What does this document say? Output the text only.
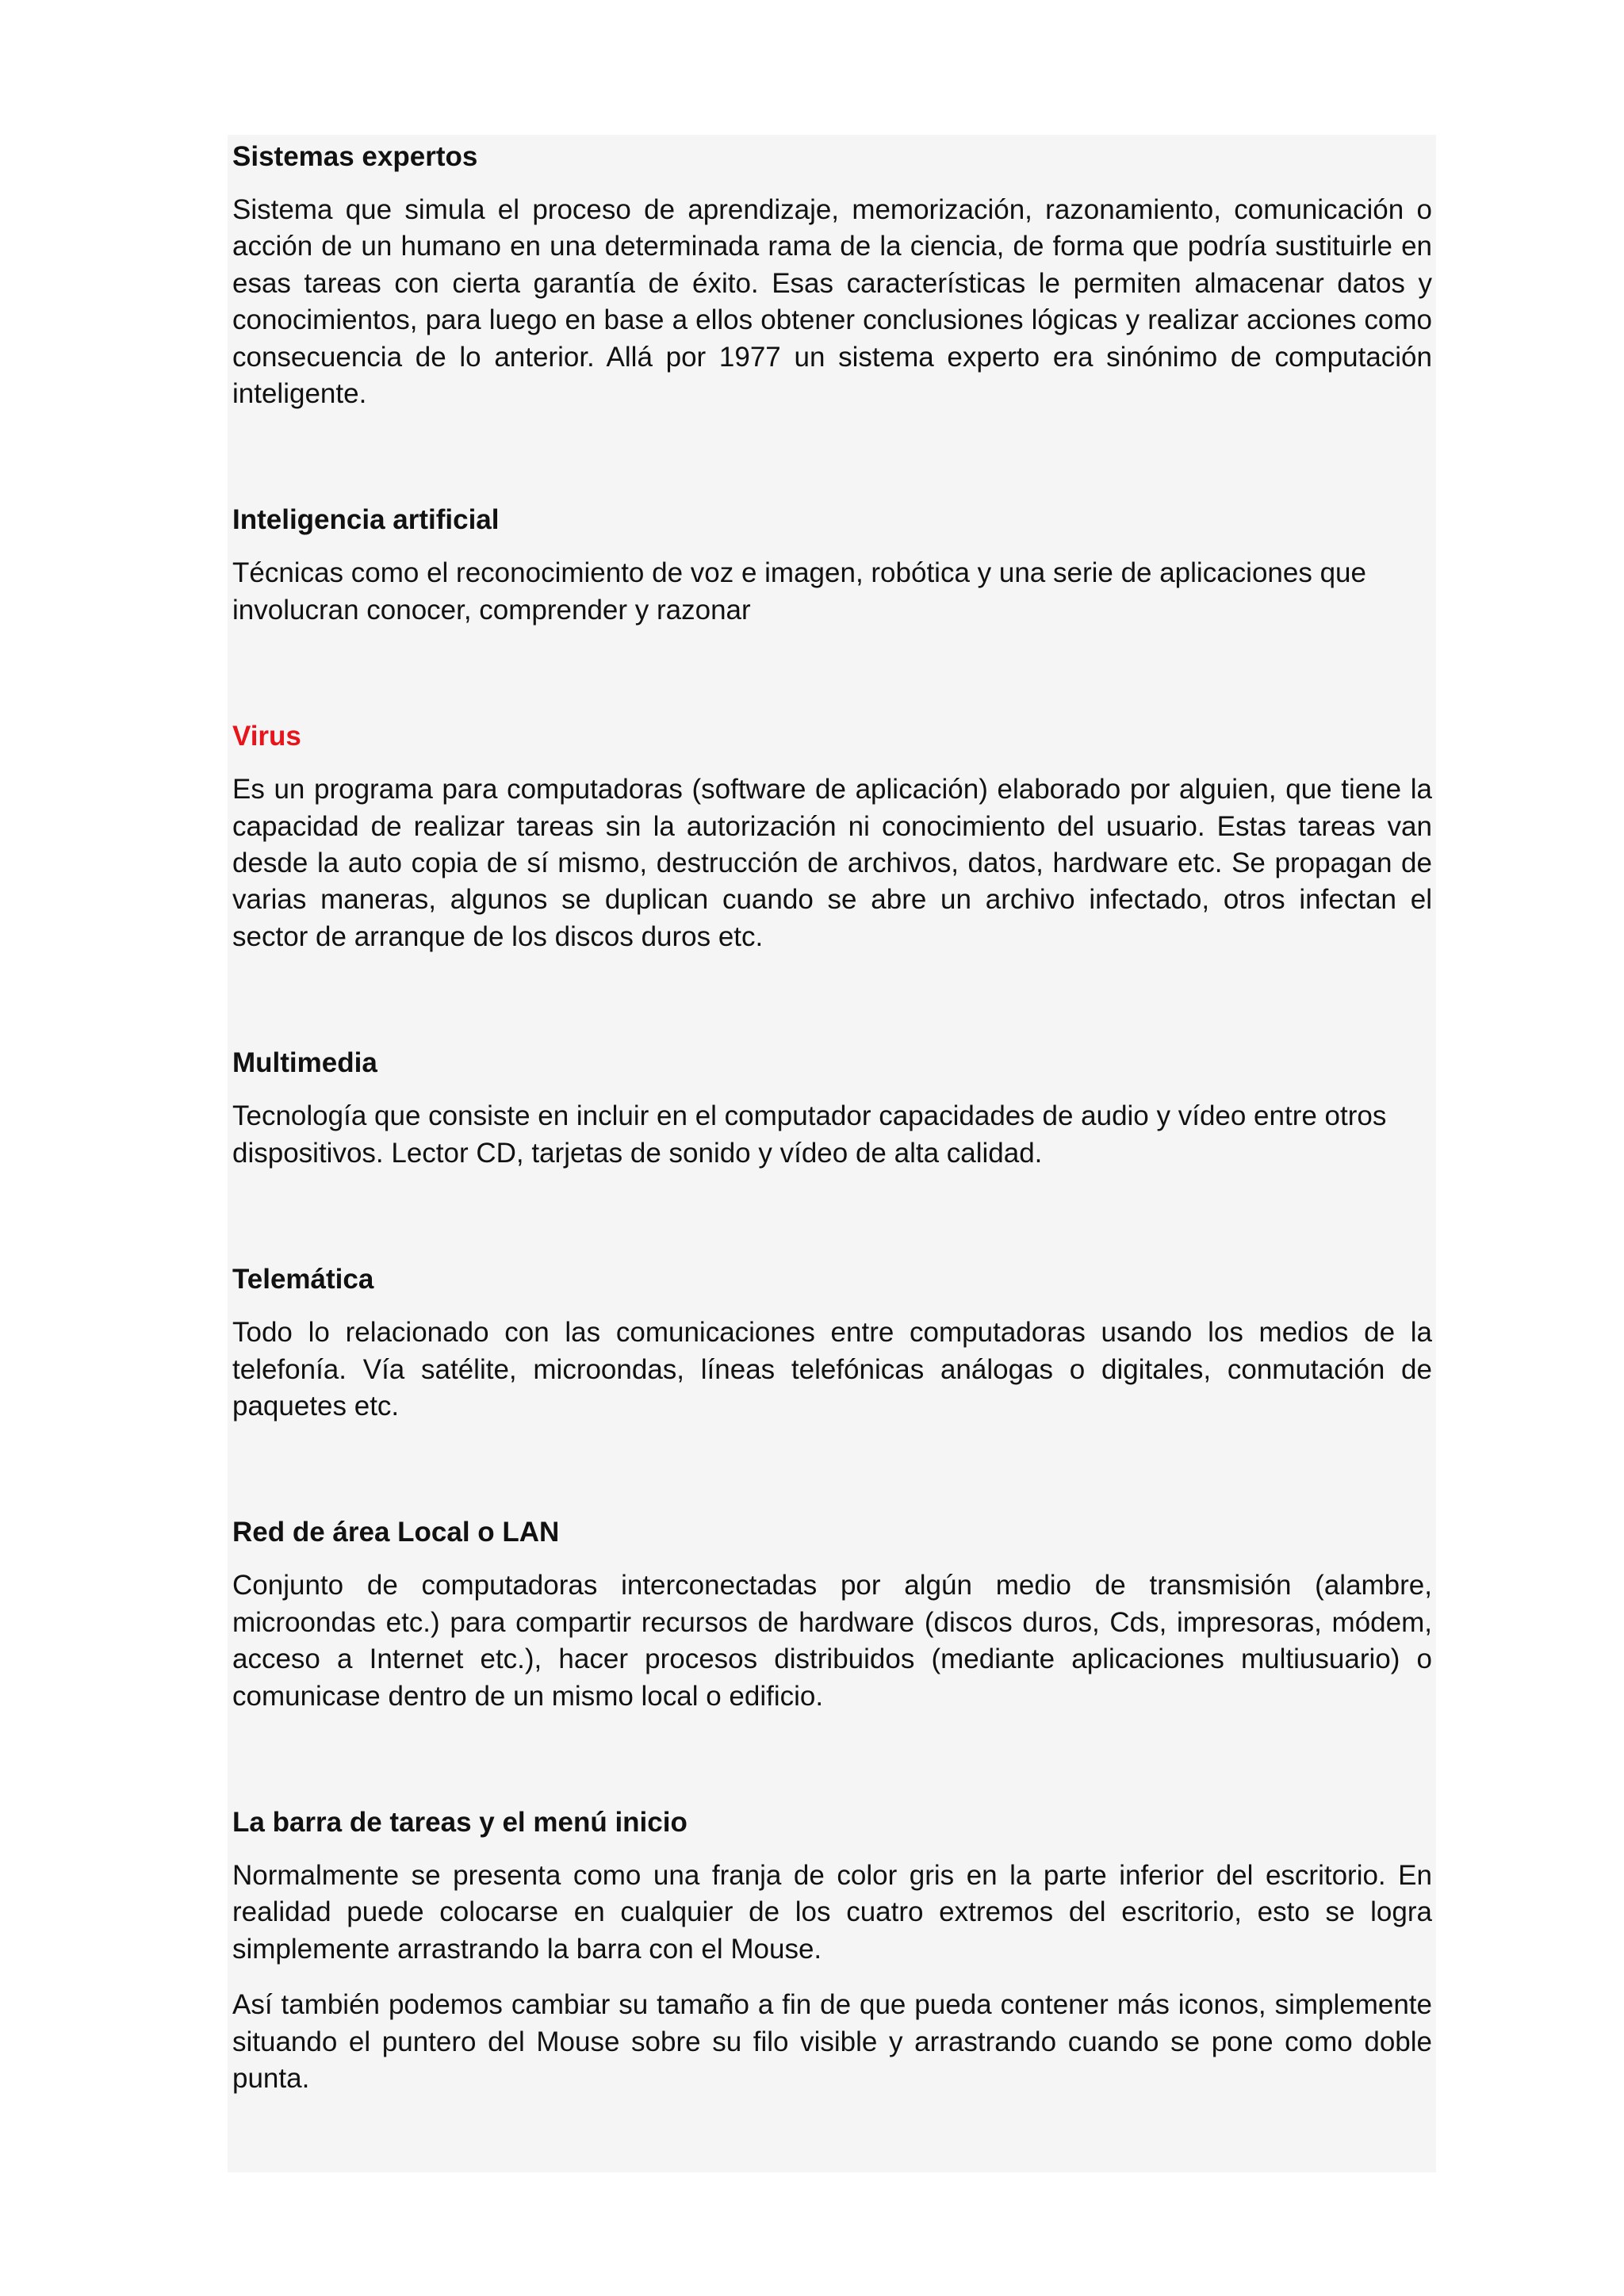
Sistemas expertos

Sistema que simula el proceso de aprendizaje, memorización, razonamiento, comunicación o acción de un humano en una determinada rama de la ciencia, de forma que podría sustituirle en esas tareas con cierta garantía de éxito. Esas características le permiten almacenar datos y conocimientos, para luego en base a ellos obtener conclusiones lógicas y realizar acciones como consecuencia de lo anterior. Allá por 1977 un sistema experto era sinónimo de computación inteligente.

Inteligencia artificial

Técnicas como el reconocimiento de voz e imagen, robótica y una serie de aplicaciones que involucran conocer, comprender y razonar

Virus

Es un programa para computadoras (software de aplicación) elaborado por alguien, que tiene la capacidad de realizar tareas sin la autorización ni conocimiento del usuario. Estas tareas van desde la auto copia de sí mismo, destrucción de archivos, datos, hardware etc. Se propagan de varias maneras, algunos se duplican cuando se abre un archivo infectado, otros infectan el sector de arranque de los discos duros etc.

Multimedia

Tecnología que consiste en incluir en el computador capacidades de audio y vídeo entre otros dispositivos. Lector CD, tarjetas de sonido y vídeo de alta calidad.

Telemática

Todo lo relacionado con las comunicaciones entre computadoras usando los medios de la telefonía. Vía satélite, microondas, líneas telefónicas análogas o digitales, conmutación de paquetes etc.

Red de área Local o LAN

Conjunto de computadoras interconectadas por algún medio de transmisión (alambre, microondas etc.) para compartir recursos de hardware (discos duros, Cds, impresoras, módem, acceso a Internet etc.), hacer procesos distribuidos (mediante aplicaciones multiusuario) o comunicase dentro de un mismo local o edificio.

La barra de tareas y el menú inicio

Normalmente se presenta como una franja de color gris en la parte inferior del escritorio. En realidad puede colocarse en cualquier de los cuatro extremos del escritorio, esto se logra simplemente arrastrando la barra con el Mouse.

Así también podemos cambiar su tamaño a fin de que pueda contener más iconos, simplemente situando el puntero del Mouse sobre su filo visible y arrastrando cuando se pone como doble punta.
